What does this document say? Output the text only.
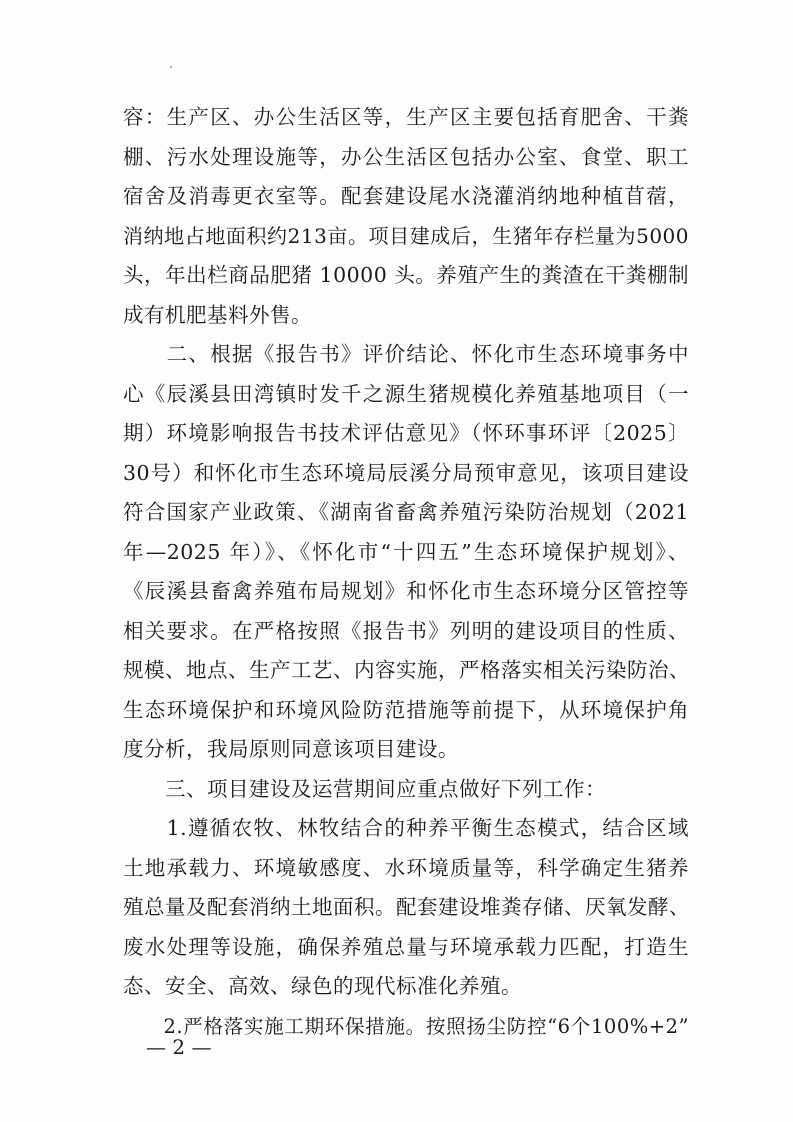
容：生产区、办公生活区等，生产区主要包括育肥舍、干粪
棚、污水处理设施等，办公生活区包括办公室、食堂、职工
宿舍及消毒更衣室等。配套建设尾水浇灌消纳地种植苜蓿，
消纳地占地面积约213亩。项目建成后，生猪年存栏量为5000
头，年出栏商品肥猪 10000 头。养殖产生的粪渣在干粪棚制
成有机肥基料外售。
　　二、根据《报告书》评价结论、怀化市生态环境事务中
心《辰溪县田湾镇时发千之源生猪规模化养殖基地项目（一
期）环境影响报告书技术评估意见》（怀环事环评〔2025〕
30号）和怀化市生态环境局辰溪分局预审意见，该项目建设
符合国家产业政策、《湖南省畜禽养殖污染防治规划（2021
年—2025 年）》、《怀化市“十四五”生态环境保护规划》、
《辰溪县畜禽养殖布局规划》和怀化市生态环境分区管控等
相关要求。在严格按照《报告书》列明的建设项目的性质、
规模、地点、生产工艺、内容实施，严格落实相关污染防治、
生态环境保护和环境风险防范措施等前提下，从环境保护角
度分析，我局原则同意该项目建设。
　　三、项目建设及运营期间应重点做好下列工作：
　　1.遵循农牧、林牧结合的种养平衡生态模式，结合区域
土地承载力、环境敏感度、水环境质量等，科学确定生猪养
殖总量及配套消纳土地面积。配套建设堆粪存储、厌氧发酵、
废水处理等设施，确保养殖总量与环境承载力匹配，打造生
态、安全、高效、绿色的现代标准化养殖。
　　2.严格落实施工期环保措施。按照扬尘防控“6个100%+2”
— 2 —
